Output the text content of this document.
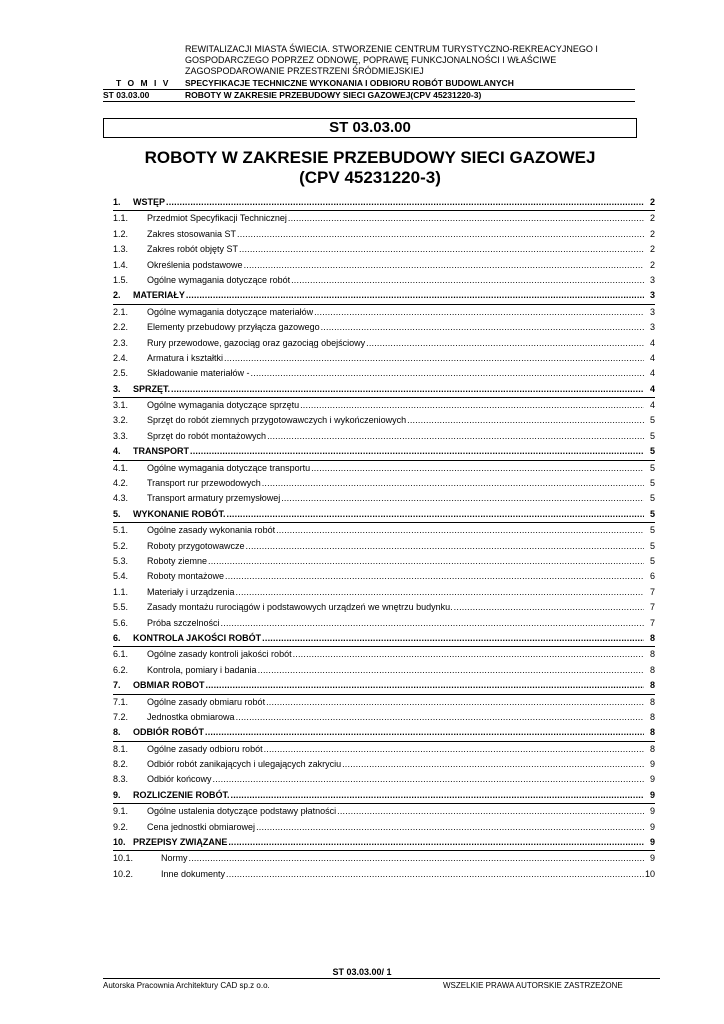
REWITALIZACJI MIASTA ŚWIECIA. STWORZENIE CENTRUM TURYSTYCZNO-REKREACYJNEGO I
GOSPODARCZEGO POPRZEZ ODNOWĘ, POPRAWĘ FUNKCJONALNOŚCI I WŁAŚCIWE
ZAGOSPODAROWANIE PRZESTRZENI ŚRÓDMIEJSKIEJ
T O M I V SPECYFIKACJE TECHNICZNE WYKONANIA I ODBIORU ROBÓT BUDOWLANYCH
ST 03.03.00	ROBOTY W ZAKRESIE PRZEBUDOWY SIECI GAZOWEJ(CPV 45231220-3)
ST 03.03.00
ROBOTY W ZAKRESIE PRZEBUDOWY SIECI GAZOWEJ
(CPV 45231220-3)
1.	WSTĘP .....	2
1.1.	Przedmiot Specyfikacji Technicznej .....	2
1.2.	Zakres stosowania ST .....	2
1.3.	Zakres robót objęty ST .....	2
1.4.	Określenia podstawowe .....	2
1.5.	Ogólne wymagania dotyczące robót .....	3
2.	MATERIAŁY .....	3
2.1.	Ogólne wymagania dotyczące materiałów .....	3
2.2.	Elementy przebudowy przyłącza gazowego .....	3
2.3.	Rury przewodowe, gazociąg oraz gazociąg obejściowy .....	4
2.4.	Armatura i kształtki .....	4
2.5.	Składowanie materiałów - .....	4
3.	SPRZĘT. .....	4
3.1.	Ogólne wymagania dotyczące sprzętu .....	4
3.2.	Sprzęt do robót ziemnych przygotowawczych i wykończeniowych .....	5
3.3.	Sprzęt do robót montażowych .....	5
4.	TRANSPORT .....	5
4.1.	Ogólne wymagania dotyczące transportu .....	5
4.2.	Transport rur przewodowych .....	5
4.3.	Transport armatury przemysłowej .....	5
5.	WYKONANIE ROBÓT. .....	5
5.1.	Ogólne zasady wykonania robót .....	5
5.2.	Roboty przygotowawcze .....	5
5.3.	Roboty ziemne .....	5
5.4.	Roboty montażowe .....	6
1.1.	Materiały i urządzenia .....	7
5.5.	Zasady montażu rurociągów i podstawowych urządzeń we wnętrzu budynku. .....	7
5.6.	Próba szczelności .....	7
6.	KONTROLA JAKOŚCI ROBÓT .....	8
6.1.	Ogólne zasady kontroli jakości robót .....	8
6.2.	Kontrola, pomiary i badania .....	8
7.	OBMIAR ROBOT .....	8
7.1.	Ogólne zasady obmiaru robót .....	8
7.2.	Jednostka obmiarowa .....	8
8.	ODBIÓR ROBÓT .....	8
8.1.	Ogólne zasady odbioru robót .....	8
8.2.	Odbiór robót zanikających i ulegających zakryciu .....	9
8.3.	Odbiór końcowy .....	9
9.	ROZLICZENIE ROBÓT. .....	9
9.1.	Ogólne ustalenia dotyczące podstawy płatności .....	9
9.2.	Cena jednostki obmiarowej .....	9
10. PRZEPISY ZWIĄZANE .....	9
10.1.	Normy .....	9
10.2.	Inne dokumenty .....	10
ST 03.03.00/ 1
Autorska Pracownia Architektury CAD sp.z o.o.	WSZELKIE PRAWA AUTORSKIE ZASTRZEŻONE
